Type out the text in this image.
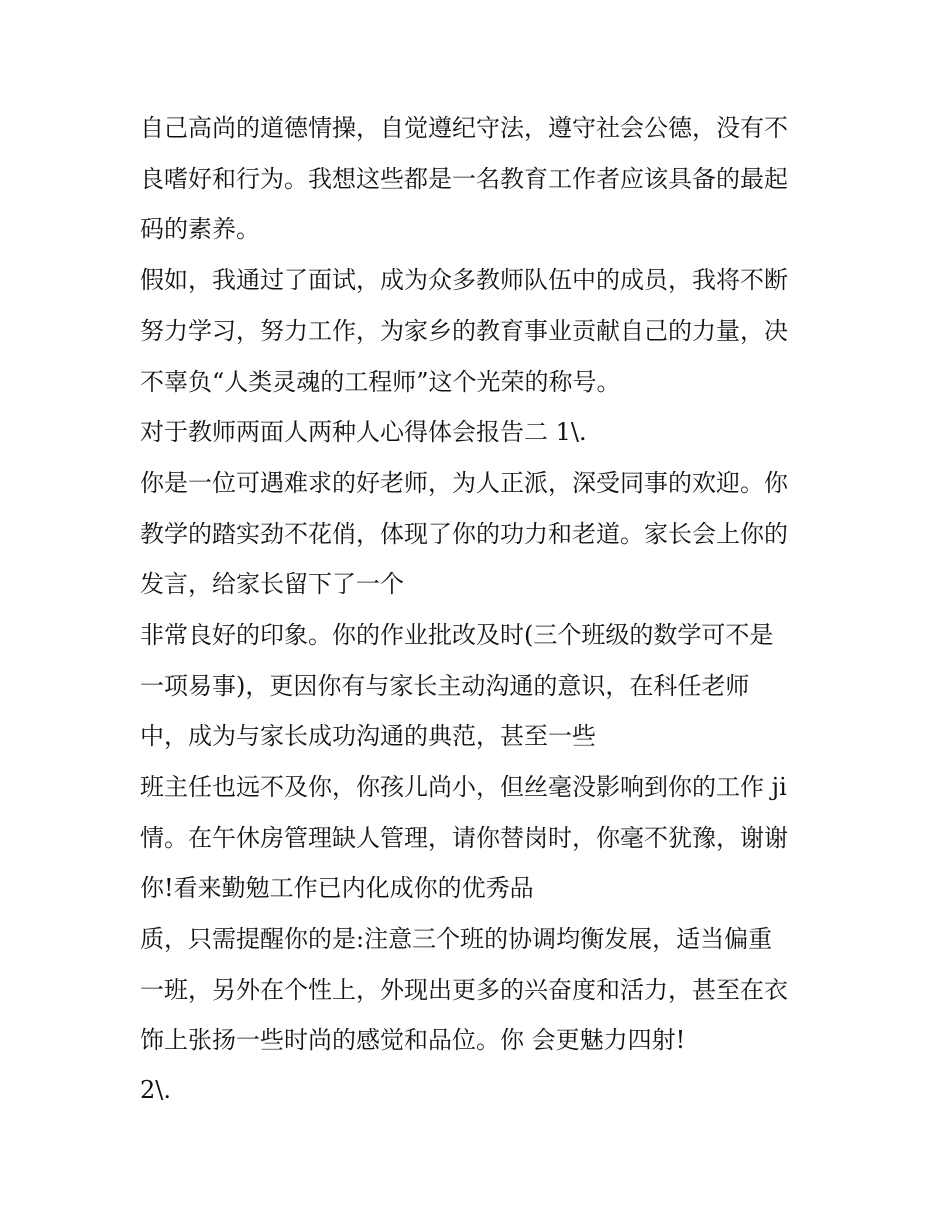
自己高尚的道德情操，自觉遵纪守法，遵守社会公德，没有不
良嗜好和行为。我想这些都是一名教育工作者应该具备的最起
码的素养。
假如，我通过了面试，成为众多教师队伍中的成员，我将不断
努力学习，努力工作，为家乡的教育事业贡献自己的力量，决
不辜负“人类灵魂的工程师”这个光荣的称号。
对于教师两面人两种人心得体会报告二 1\.
你是一位可遇难求的好老师，为人正派，深受同事的欢迎。你
教学的踏实劲不花俏，体现了你的功力和老道。家长会上你的
发言，给家长留下了一个
非常良好的印象。你的作业批改及时(三个班级的数学可不是
一项易事)，更因你有与家长主动沟通的意识，在科任老师
中，成为与家长成功沟通的典范，甚至一些
班主任也远不及你，你孩儿尚小，但丝毫没影响到你的工作 ji
情。在午休房管理缺人管理，请你替岗时，你毫不犹豫，谢谢
你!看来勤勉工作已内化成你的优秀品
质，只需提醒你的是:注意三个班的协调均衡发展，适当偏重
一班，另外在个性上，外现出更多的兴奋度和活力，甚至在衣
饰上张扬一些时尚的感觉和品位。你 会更魅力四射!
2\.
